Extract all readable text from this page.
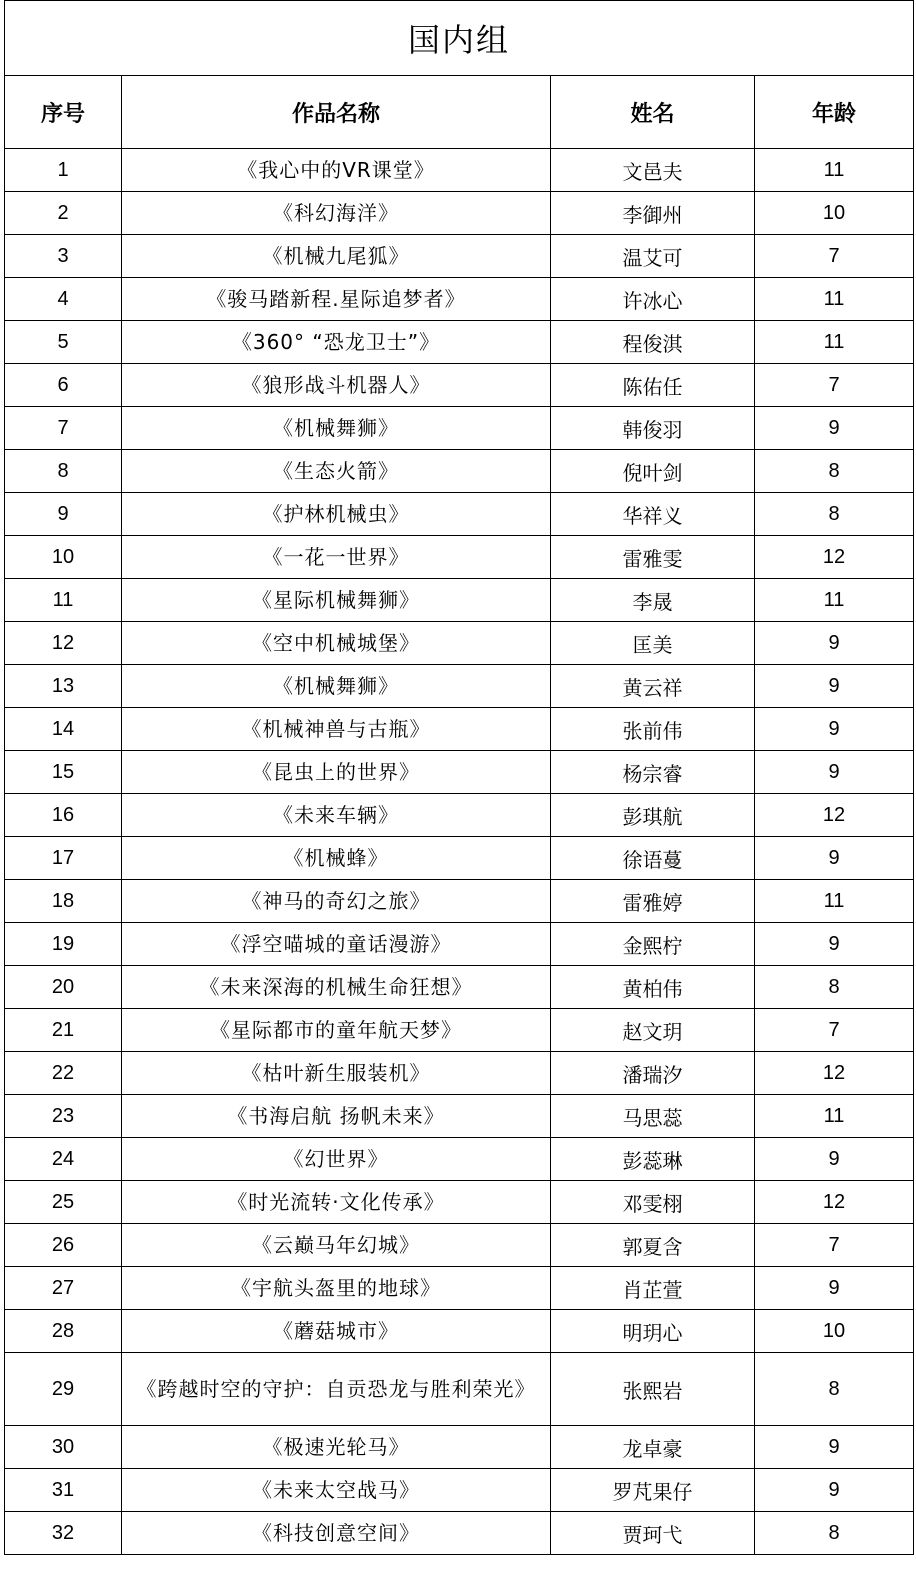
国内组			
序号	作品名称	姓名	年龄
1	《我心中的VR课堂》	文邑夫	11
2	《科幻海洋》	李御州	10
3	《机械九尾狐》	温艾可	7
4	《骏马踏新程.星际追梦者》	许冰心	11
5	《360° “恐龙卫士”》	程俊淇	11
6	《狼形战斗机器人》	陈佑任	7
7	《机械舞狮》	韩俊羽	9
8	《生态火箭》	倪叶剑	8
9	《护林机械虫》	华祥义	8
10	《一花一世界》	雷雅雯	12
11	《星际机械舞狮》	李晟	11
12	《空中机械城堡》	匡美	9
13	《机械舞狮》	黄云祥	9
14	《机械神兽与古瓶》	张前伟	9
15	《昆虫上的世界》	杨宗睿	9
16	《未来车辆》	彭琪航	12
17	《机械蜂》	徐语蔓	9
18	《神马的奇幻之旅》	雷雅婷	11
19	《浮空喵城的童话漫游》	金熙柠	9
20	《未来深海的机械生命狂想》	黄柏伟	8
21	《星际都市的童年航天梦》	赵文玥	7
22	《枯叶新生服装机》	潘瑞汐	12
23	《书海启航 扬帆未来》	马思蕊	11
24	《幻世界》	彭蕊琳	9
25	《时光流转·文化传承》	邓雯栩	12
26	《云巅马年幻城》	郭夏含	7
27	《宇航头盔里的地球》	肖芷萱	9
28	《蘑菇城市》	明玥心	10
29	《跨越时空的守护：自贡恐龙与胜利荣光》	张熙岩	8
30	《极速光轮马》	龙卓豪	9
31	《未来太空战马》	罗芃果仔	9
32	《科技创意空间》	贾珂弋	8
